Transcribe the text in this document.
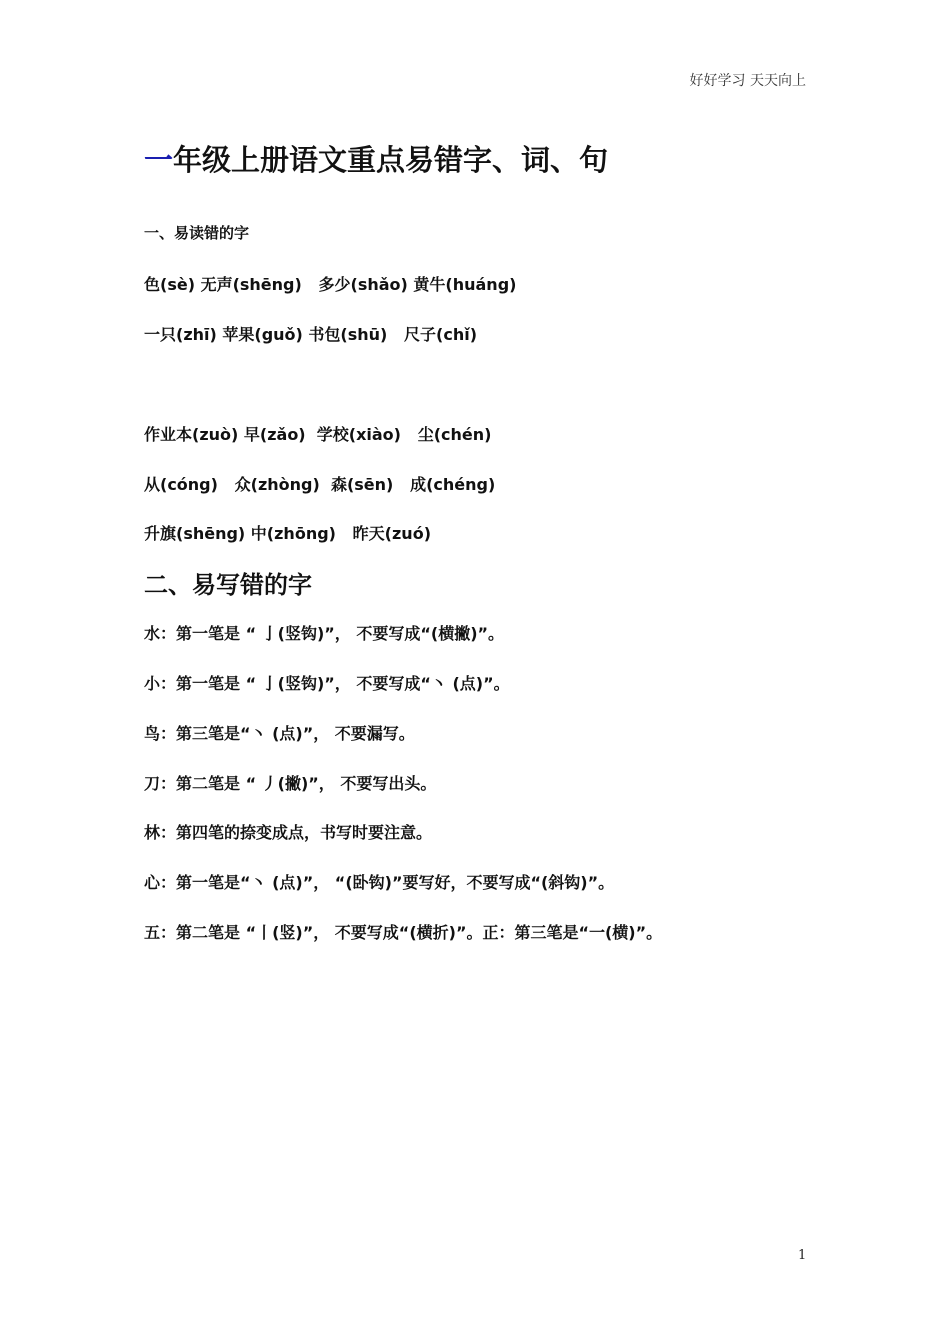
好好学习 天天向上
一年级上册语文重点易错字、词、句
一、易读错的字
色(sè) 无声(shēng)   多少(shǎo) 黄牛(huáng)
一只(zhī) 苹果(guǒ) 书包(shū)   尺子(chǐ)
作业本(zuò) 早(zǎo)  学校(xiào)   尘(chén)
从(cóng)   众(zhòng)  森(sēn)   成(chéng)
升旗(shēng) 中(zhōng)   昨天(zuó)
二、易写错的字
水：第一笔是 “ 亅(竖钩)”， 不要写成“(横撇)”。
小：第一笔是 “ 亅(竖钩)”， 不要写成“丶 (点)”。
鸟：第三笔是“丶 (点)”， 不要漏写。
刀：第二笔是 “ 丿(撇)”， 不要写出头。
林：第四笔的捺变成点，书写时要注意。
心：第一笔是“丶 (点)”， “(卧钩)”要写好，不要写成“(斜钩)”。
五：第二笔是 “丨(竖)”， 不要写成“(横折)”。正：第三笔是“一(横)”。
1
